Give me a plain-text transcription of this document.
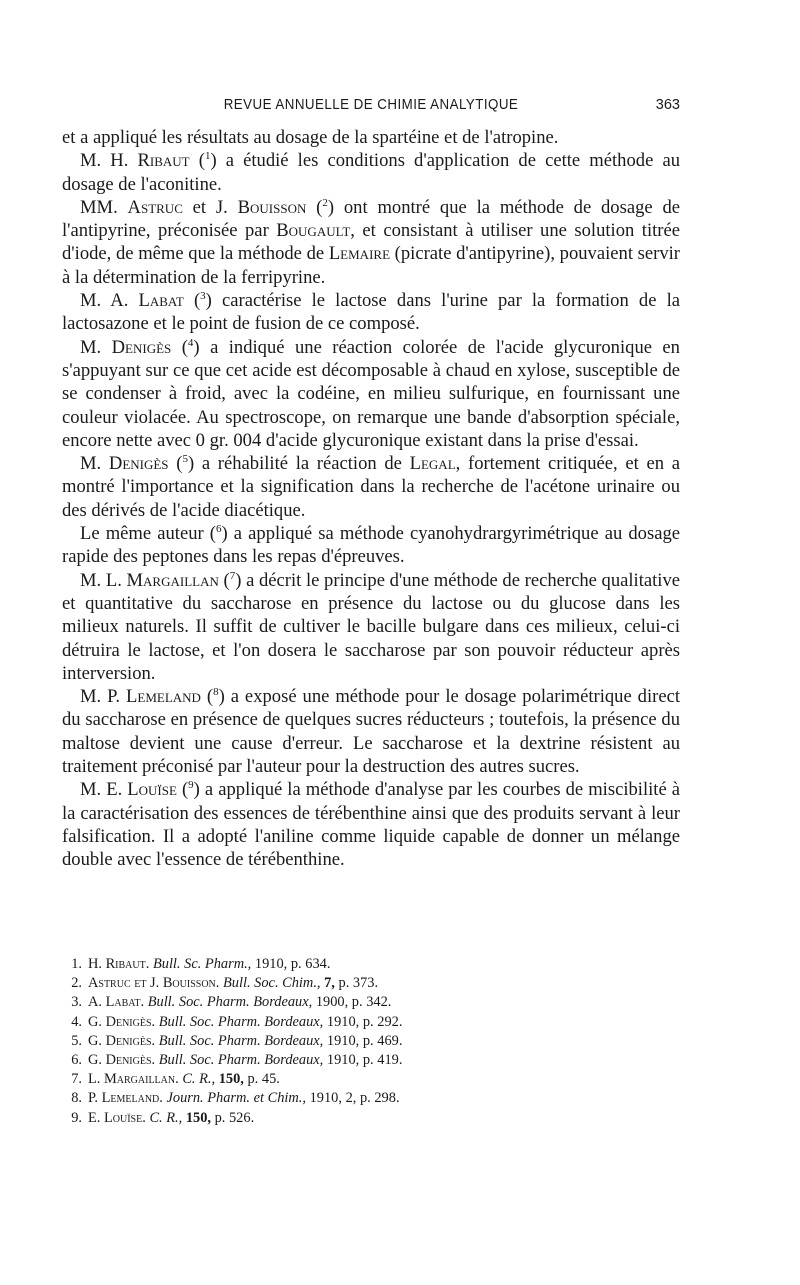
REVUE ANNUELLE DE CHIMIE ANALYTIQUE	363

et a appliqué les résultats au dosage de la spartéine et de l'atropine.

M. H. Ribaut ($^1$) a étudié les conditions d'application de cette méthode au dosage de l'aconitine.

MM. Astruc et J. Bouisson ($^2$) ont montré que la méthode de dosage de l'antipyrine, préconisée par Bougault, et consistant à utiliser une solution titrée d'iode, de même que la méthode de Lemaire (picrate d'antipyrine), pouvaient servir à la détermination de la ferripyrine.

M. A. Labat ($^3$) caractérise le lactose dans l'urine par la formation de la lactosazone et le point de fusion de ce composé.

M. Denigès ($^4$) a indiqué une réaction colorée de l'acide glycuronique en s'appuyant sur ce que cet acide est décomposable à chaud en xylose, susceptible de se condenser à froid, avec la codéine, en milieu sulfurique, en fournissant une couleur violacée. Au spectroscope, on remarque une bande d'absorption spéciale, encore nette avec 0 gr. 004 d'acide glycuronique existant dans la prise d'essai.

M. Denigès ($^5$) a réhabilité la réaction de Legal, fortement critiquée, et en a montré l'importance et la signification dans la recherche de l'acétone urinaire ou des dérivés de l'acide diacétique.

Le même auteur ($^6$) a appliqué sa méthode cyanohydrargyrimétrique au dosage rapide des peptones dans les repas d'épreuves.

M. L. Margaillan ($^7$) a décrit le principe d'une méthode de recherche qualitative et quantitative du saccharose en présence du lactose ou du glucose dans les milieux naturels. Il suffit de cultiver le bacille bulgare dans ces milieux, celui-ci détruira le lactose, et l'on dosera le saccharose par son pouvoir réducteur après interversion.

M. P. Lemeland ($^8$) a exposé une méthode pour le dosage polarimétrique direct du saccharose en présence de quelques sucres réducteurs ; toutefois, la présence du maltose devient une cause d'erreur. Le saccharose et la dextrine résistent au traitement préconisé par l'auteur pour la destruction des autres sucres.

M. E. Louïse ($^9$) a appliqué la méthode d'analyse par les courbes de miscibilité à la caractérisation des essences de térébenthine ainsi que des produits servant à leur falsification. Il a adopté l'aniline comme liquide capable de donner un mélange double avec l'essence de térébenthine.

1. H. Ribaut. Bull. Sc. Pharm., 1910, p. 634.
2. Astruc et J. Bouisson. Bull. Soc. Chim., 7, p. 373.
3. A. Labat. Bull. Soc. Pharm. Bordeaux, 1900, p. 342.
4. G. Denigès. Bull. Soc. Pharm. Bordeaux, 1910, p. 292.
5. G. Denigès. Bull. Soc. Pharm. Bordeaux, 1910, p. 469.
6. G. Denigès. Bull. Soc. Pharm. Bordeaux, 1910, p. 419.
7. L. Margaillan. C. R., 150, p. 45.
8. P. Lemeland. Journ. Pharm. et Chim., 1910, 2, p. 298.
9. E. Louïse. C. R., 150, p. 526.
